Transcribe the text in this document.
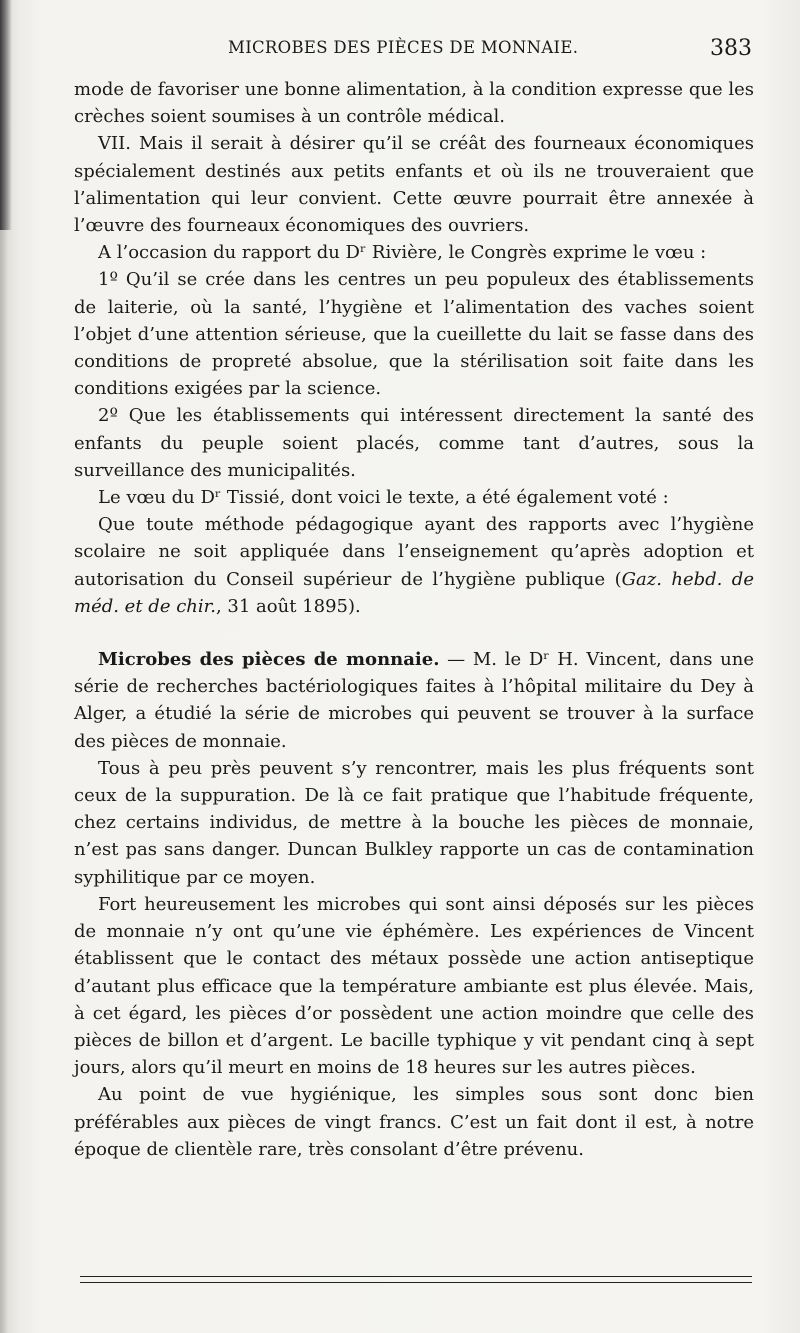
MICROBES DES PIÈCES DE MONNAIE.	383

mode de favoriser une bonne alimentation, à la condition expresse que les crèches soient soumises à un contrôle médical.

VII. Mais il serait à désirer qu’il se créât des fourneaux économiques spécialement destinés aux petits enfants et où ils ne trouveraient que l’alimentation qui leur convient. Cette œuvre pourrait être annexée à l’œuvre des fourneaux économiques des ouvriers.

A l’occasion du rapport du Dʳ Rivière, le Congrès exprime le vœu :

1º Qu’il se crée dans les centres un peu populeux des établissements de laiterie, où la santé, l’hygiène et l’alimentation des vaches soient l’objet d’une attention sérieuse, que la cueillette du lait se fasse dans des conditions de propreté absolue, que la stérilisation soit faite dans les conditions exigées par la science.

2º Que les établissements qui intéressent directement la santé des enfants du peuple soient placés, comme tant d’autres, sous la surveillance des municipalités.

Le vœu du Dʳ Tissié, dont voici le texte, a été également voté :

Que toute méthode pédagogique ayant des rapports avec l’hygiène scolaire ne soit appliquée dans l’enseignement qu’après adoption et autorisation du Conseil supérieur de l’hygiène publique (Gaz. hebd. de méd. et de chir., 31 août 1895).

Microbes des pièces de monnaie. — M. le Dʳ H. Vincent, dans une série de recherches bactériologiques faites à l’hôpital militaire du Dey à Alger, a étudié la série de microbes qui peuvent se trouver à la surface des pièces de monnaie.

Tous à peu près peuvent s’y rencontrer, mais les plus fréquents sont ceux de la suppuration. De là ce fait pratique que l’habitude fréquente, chez certains individus, de mettre à la bouche les pièces de monnaie, n’est pas sans danger. Duncan Bulkley rapporte un cas de contamination syphilitique par ce moyen.

Fort heureusement les microbes qui sont ainsi déposés sur les pièces de monnaie n’y ont qu’une vie éphémère. Les expériences de Vincent établissent que le contact des métaux possède une action antiseptique d’autant plus efficace que la température ambiante est plus élevée. Mais, à cet égard, les pièces d’or possèdent une action moindre que celle des pièces de billon et d’argent. Le bacille typhique y vit pendant cinq à sept jours, alors qu’il meurt en moins de 18 heures sur les autres pièces.

Au point de vue hygiénique, les simples sous sont donc bien préférables aux pièces de vingt francs. C’est un fait dont il est, à notre époque de clientèle rare, très consolant d’être prévenu.
